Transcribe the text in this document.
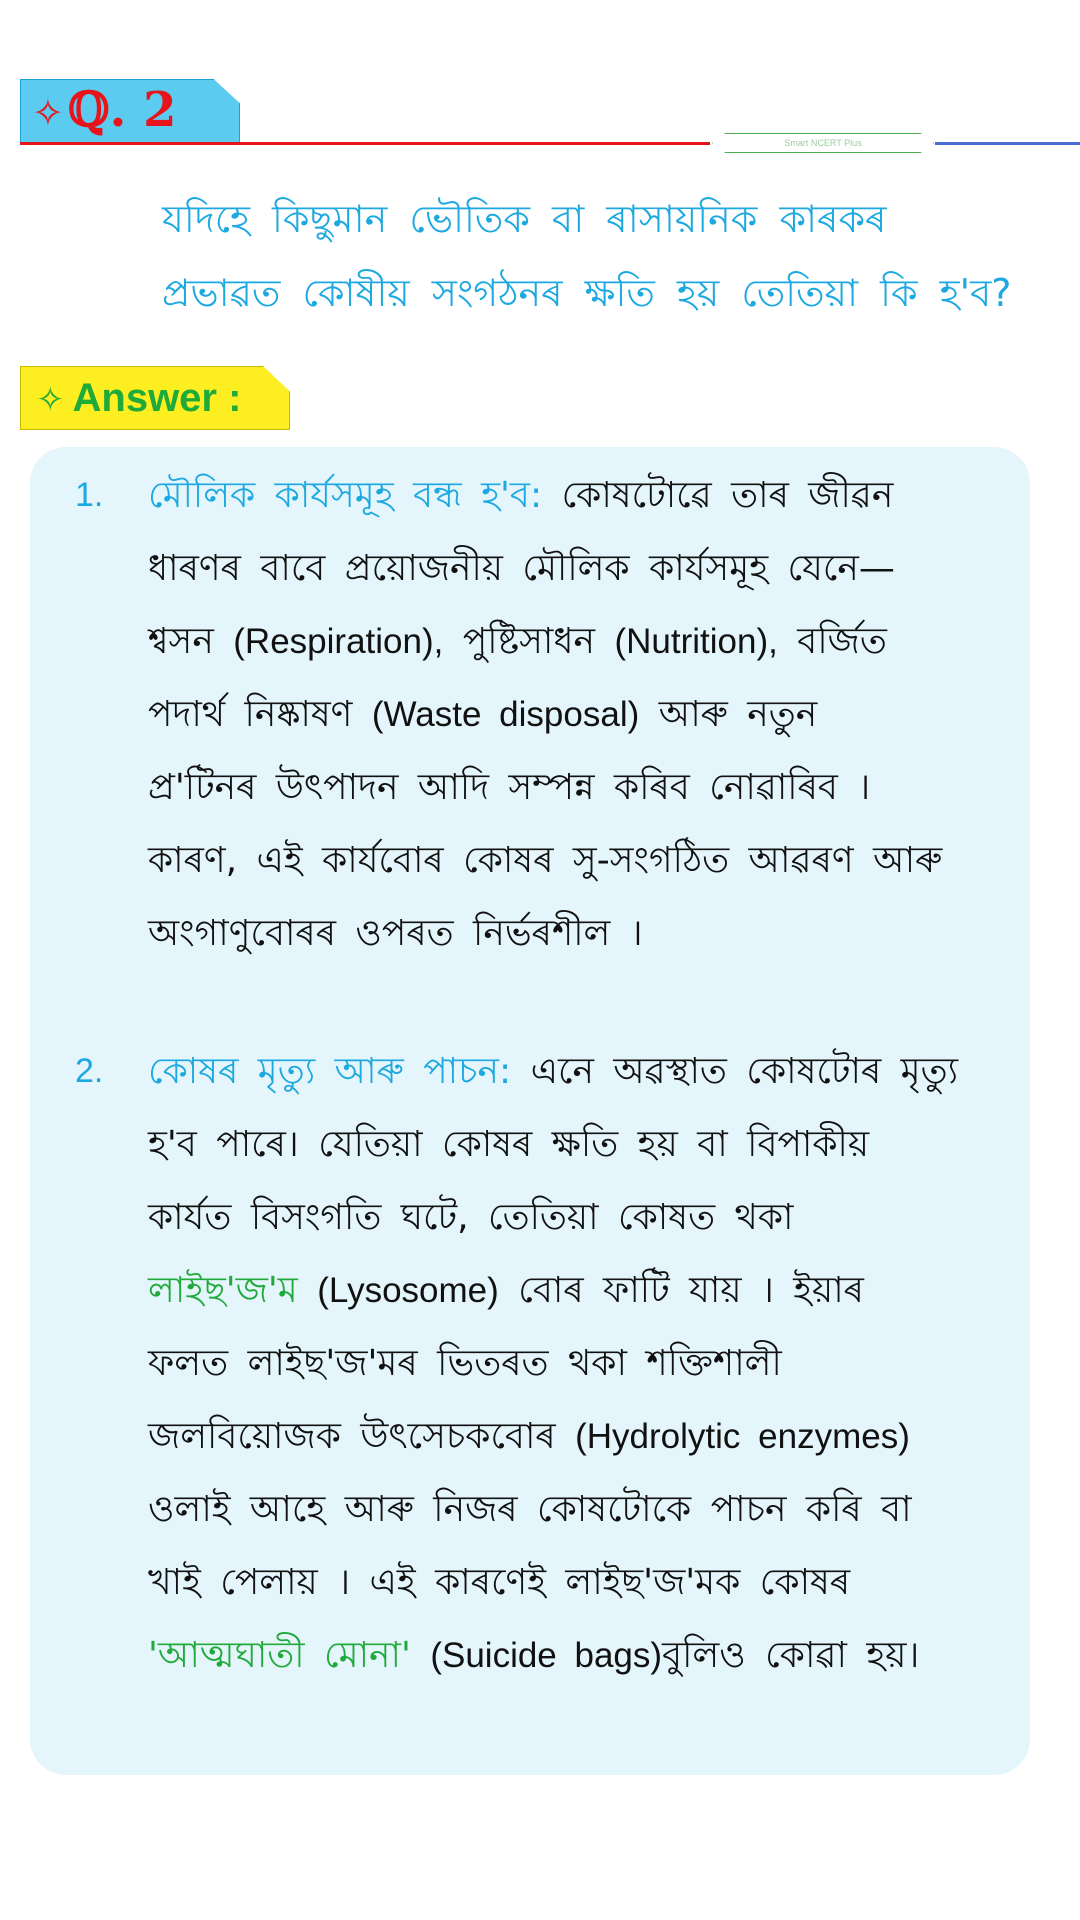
✧ℚ. 2
Smart NCERT Plus
যদিহে কিছুমান ভৌতিক বা ৰাসায়নিক কাৰকৰ
প্ৰভাৱত কোষীয় সংগঠনৰ ক্ষতি হয় তেতিয়া কি হ'ব?
✧ Answer :
1. মৌলিক কাৰ্যসমূহ বন্ধ হ'ব: কোষটোৱে তাৰ জীৱন
ধাৰণৰ বাবে প্ৰয়োজনীয় মৌলিক কাৰ্যসমূহ যেনে—
শ্বসন (Respiration), পুষ্টিসাধন (Nutrition), বৰ্জিত
পদাৰ্থ নিষ্কাষণ (Waste disposal) আৰু নতুন
প্ৰ'টিনৰ উৎপাদন আদি সম্পন্ন কৰিব নোৱাৰিব ।
কাৰণ, এই কাৰ্যবোৰ কোষৰ সু-সংগঠিত আৱৰণ আৰু
অংগাণুবোৰৰ ওপৰত নিৰ্ভৰশীল ।
2. কোষৰ মৃত্যু আৰু পাচন: এনে অৱস্থাত কোষটোৰ মৃত্যু
হ'ব পাৰে। যেতিয়া কোষৰ ক্ষতি হয় বা বিপাকীয়
কাৰ্যত বিসংগতি ঘটে, তেতিয়া কোষত থকা
লাইছ'জ'ম (Lysosome) বোৰ ফাটি যায় । ইয়াৰ
ফলত লাইছ'জ'মৰ ভিতৰত থকা শক্তিশালী
জলবিয়োজক উৎসেচকবোৰ (Hydrolytic enzymes)
ওলাই আহে আৰু নিজৰ কোষটোকে পাচন কৰি বা
খাই পেলায় । এই কাৰণেই লাইছ'জ'মক কোষৰ
'আত্মঘাতী মোনা' (Suicide bags)বুলিও কোৱা হয়।
